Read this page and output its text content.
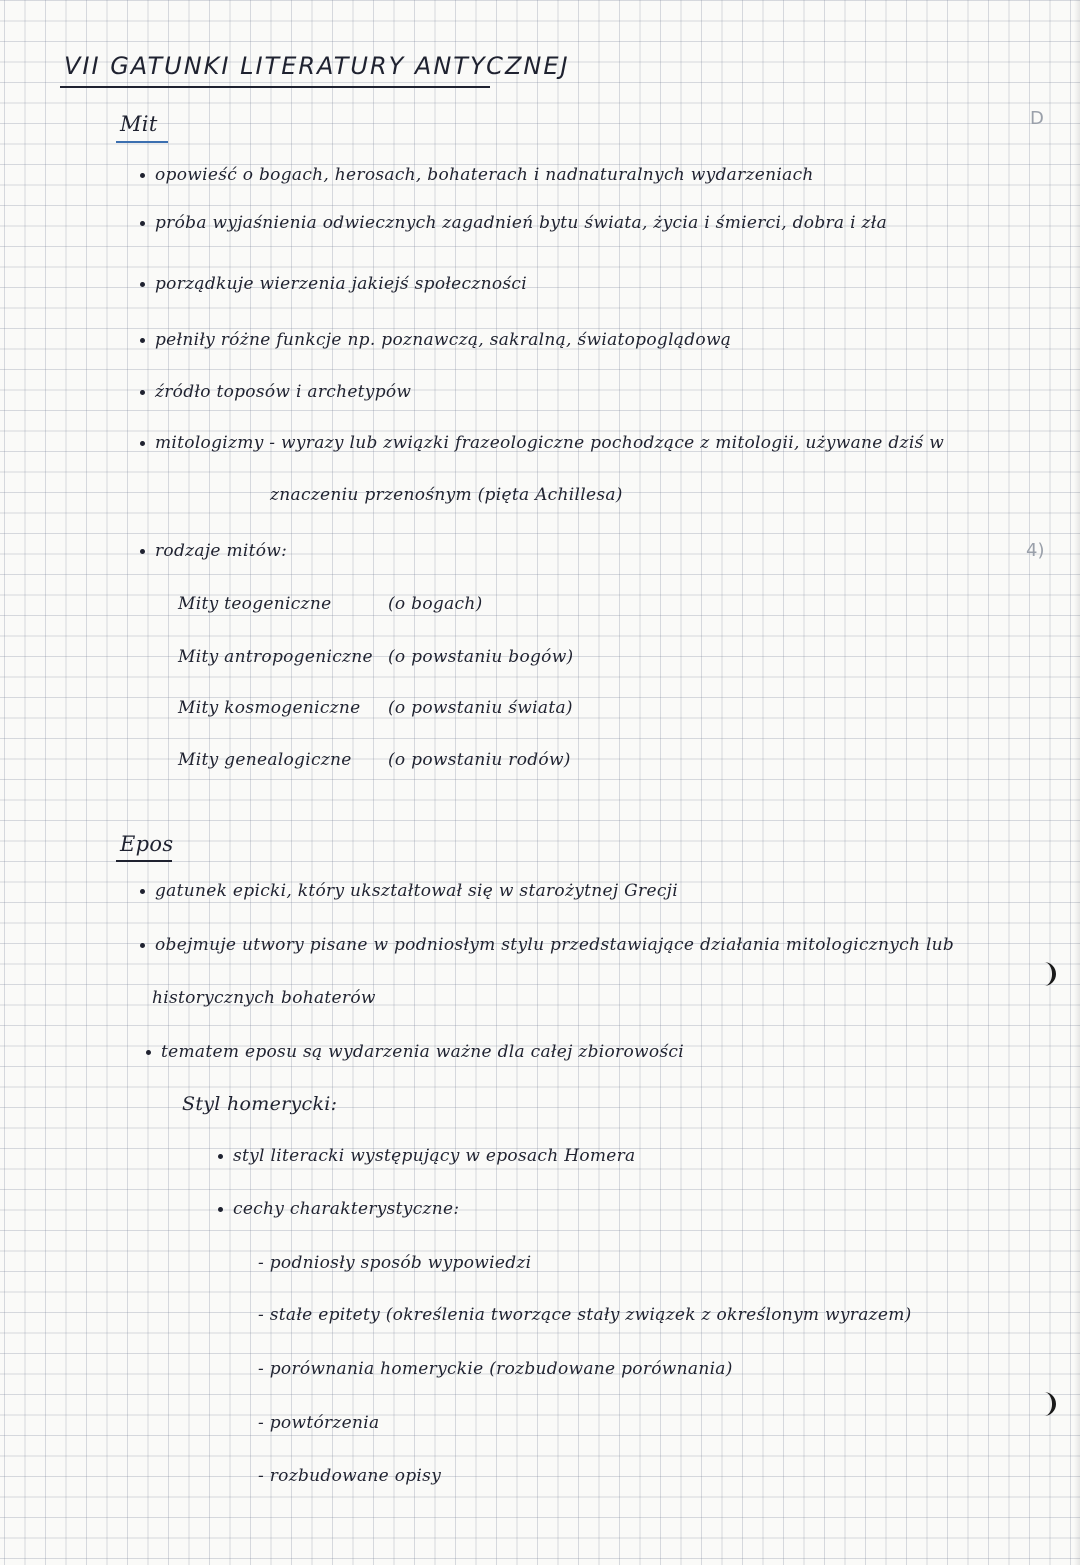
VII GATUNKI LITERATURY ANTYCZNEJ
Mit
opowieść o bogach, herosach, bohaterach i nadnaturalnych wydarzeniach
próba wyjaśnienia odwiecznych zagadnień bytu świata, życia i śmierci, dobra i zła
porządkuje wierzenia jakiejś społeczności
pełniły różne funkcje np. poznawczą, sakralną, światopoglądową
źródło toposów i archetypów
mitologizmy - wyrazy lub związki frazeologiczne pochodzące z mitologii, używane dziś w
znaczeniu przenośnym (pięta Achillesa)
rodzaje mitów:
Mity teogeniczne	(o bogach)
Mity antropogeniczne (o powstaniu bogów)
Mity kosmogeniczne (o powstaniu świata)
Mity genealogiczne (o powstaniu rodów)
Epos
gatunek epicki, który ukształtował się w starożytnej Grecji
obejmuje utwory pisane w podniosłym stylu przedstawiające działania mitologicznych lub
historycznych bohaterów
tematem eposu są wydarzenia ważne dla całej zbiorowości
Styl homerycki:
styl literacki występujący w eposach Homera
cechy charakterystyczne:
- podniosły sposób wypowiedzi
- stałe epitety (określenia tworzące stały związek z określonym wyrazem)
- porównania homeryckie (rozbudowane porównania)
- powtórzenia
- rozbudowane opisy
D
4)
